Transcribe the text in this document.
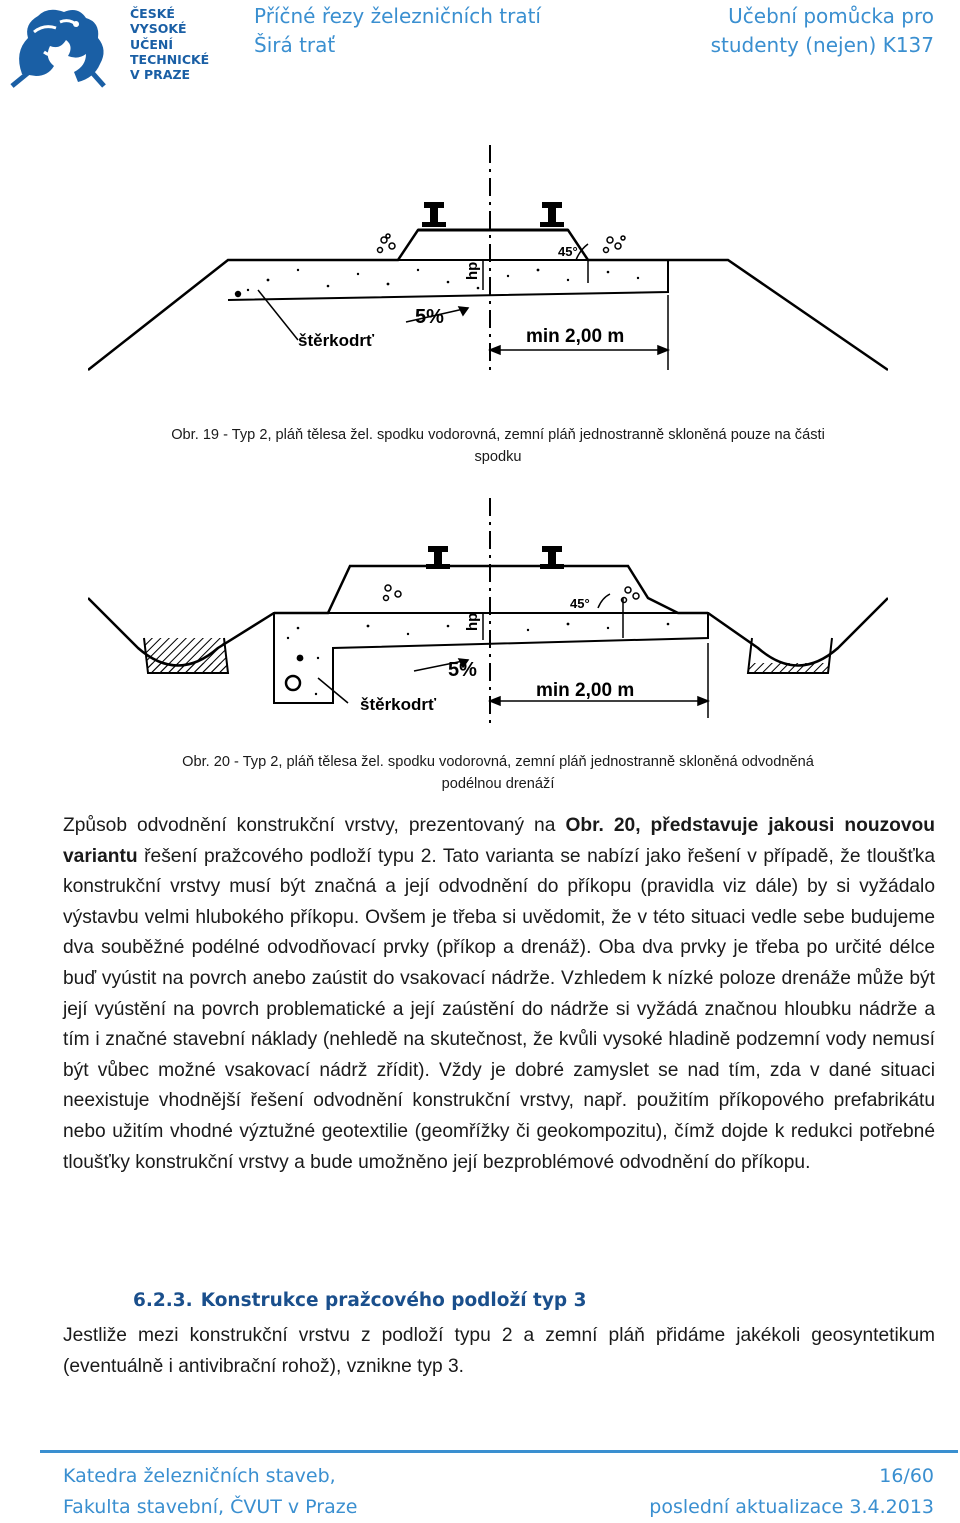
ČESKÉ
VYSOKÉ
UČENÍ
TECHNICKÉ
V PRAZE
Příčné řezy železničních tratí
Širá trať
Učební pomůcka pro
studenty (nejen) K137
45°
hp
5%
štěrkodrť	min 2,00 m
Obr. 19 - Typ 2, pláň tělesa žel. spodku vodorovná, zemní pláň jednostranně skloněná pouze na části
spodku
45°
hp
5%
štěrkodrť
min 2,00 m
Obr. 20 - Typ 2, pláň tělesa žel. spodku vodorovná, zemní pláň jednostranně skloněná odvodněná
podélnou drenáží
Způsob odvodnění konstrukční vrstvy, prezentovaný na Obr. 20, představuje jakousi nouzovou variantu řešení pražcového podloží typu 2. Tato varianta se nabízí jako řešení v případě, že tloušťka konstrukční vrstvy musí být značná a její odvodnění do příkopu (pravidla viz dále) by si vyžádalo výstavbu velmi hlubokého příkopu. Ovšem je třeba si uvědomit, že v této situaci vedle sebe budujeme dva souběžné podélné odvodňovací prvky (příkop a drenáž). Oba dva prvky je třeba po určité délce buď vyústit na povrch anebo zaústit do vsakovací nádrže. Vzhledem k nízké poloze drenáže může být její vyústění na povrch problematické a její zaústění do nádrže si vyžádá značnou hloubku nádrže a tím i značné stavební náklady (nehledě na skutečnost, že kvůli vysoké hladině podzemní vody nemusí být vůbec možné vsakovací nádrž zřídit). Vždy je dobré zamyslet se nad tím, zda v dané situaci neexistuje vhodnější řešení odvodnění konstrukční vrstvy, např. použitím příkopového prefabrikátu nebo užitím vhodné výztužné geotextilie (geomřížky či geokompozitu), čímž dojde k redukci potřebné tloušťky konstrukční vrstvy a bude umožněno její bezproblémové odvodnění do příkopu.
6.2.3. Konstrukce pražcového podloží typ 3
Jestliže mezi konstrukční vrstvu z podloží typu 2 a zemní pláň přidáme jakékoli geosyntetikum (eventuálně i antivibrační rohož), vznikne typ 3.
Katedra železničních staveb,
Fakulta stavební, ČVUT v Praze
16/60
poslední aktualizace 3.4.2013
